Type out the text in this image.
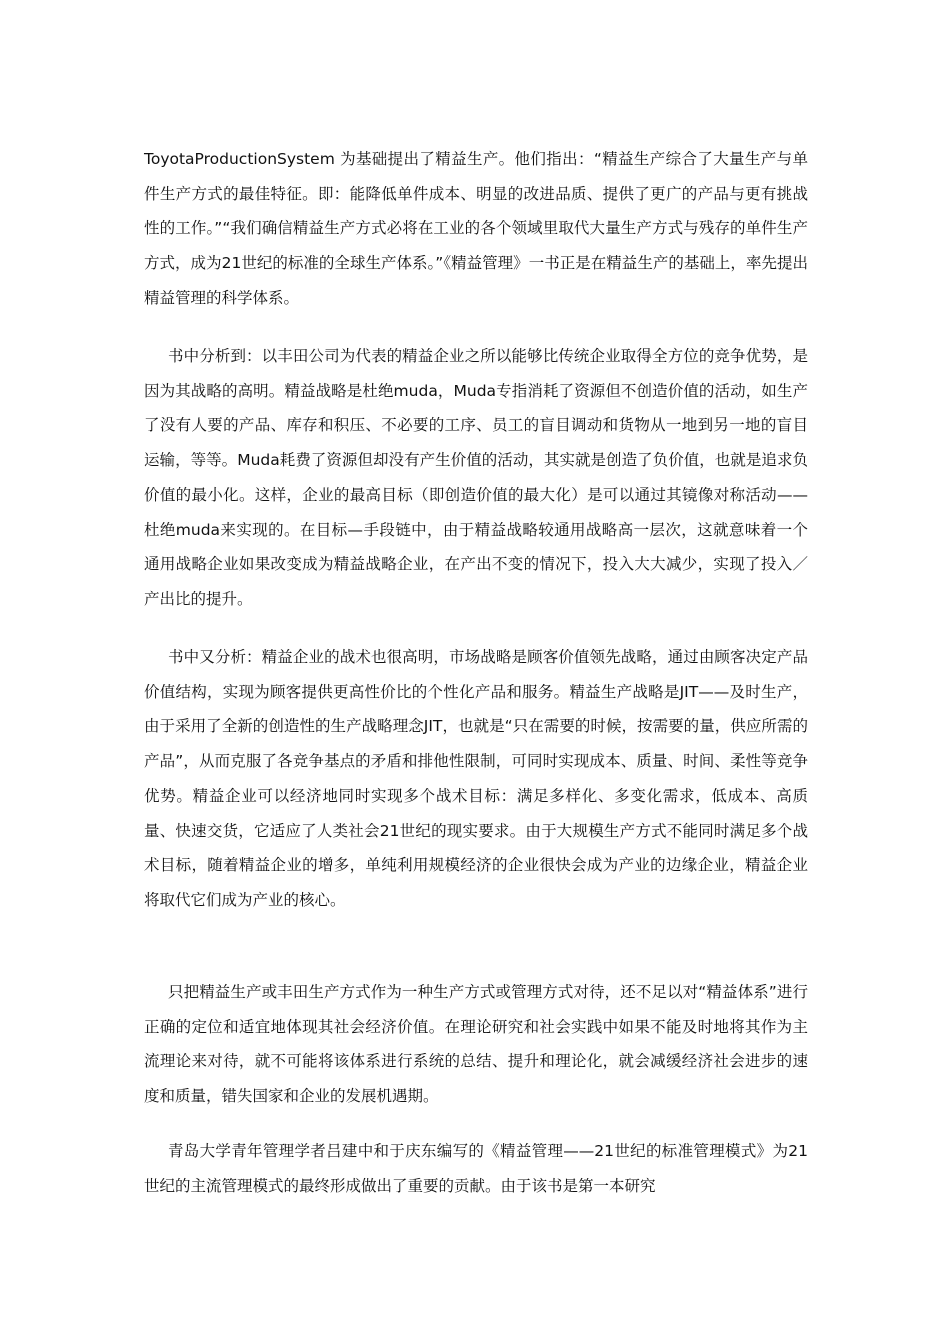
ToyotaProductionSystem 为基础提出了精益生产。他们指出：“精益生产综合了大量生产与单件生产方式的最佳特征。即：能降低单件成本、明显的改进品质、提供了更广的产品与更有挑战性的工作。”“我们确信精益生产方式必将在工业的各个领域里取代大量生产方式与残存的单件生产方式，成为21世纪的标准的全球生产体系。”《精益管理》一书正是在精益生产的基础上，率先提出精益管理的科学体系。

书中分析到：以丰田公司为代表的精益企业之所以能够比传统企业取得全方位的竞争优势，是因为其战略的高明。精益战略是杜绝muda，Muda专指消耗了资源但不创造价值的活动，如生产了没有人要的产品、库存和积压、不必要的工序、员工的盲目调动和货物从一地到另一地的盲目运输，等等。Muda耗费了资源但却没有产生价值的活动，其实就是创造了负价值，也就是追求负价值的最小化。这样，企业的最高目标（即创造价值的最大化）是可以通过其镜像对称活动——杜绝muda来实现的。在目标—手段链中，由于精益战略较通用战略高一层次，这就意味着一个通用战略企业如果改变成为精益战略企业，在产出不变的情况下，投入大大减少，实现了投入／产出比的提升。

书中又分析：精益企业的战术也很高明，市场战略是顾客价值领先战略，通过由顾客决定产品价值结构，实现为顾客提供更高性价比的个性化产品和服务。精益生产战略是JIT——及时生产，由于采用了全新的创造性的生产战略理念JIT，也就是“只在需要的时候，按需要的量，供应所需的产品”，从而克服了各竞争基点的矛盾和排他性限制，可同时实现成本、质量、时间、柔性等竞争优势。精益企业可以经济地同时实现多个战术目标：满足多样化、多变化需求，低成本、高质量、快速交货，它适应了人类社会21世纪的现实要求。由于大规模生产方式不能同时满足多个战术目标，随着精益企业的增多，单纯利用规模经济的企业很快会成为产业的边缘企业，精益企业将取代它们成为产业的核心。

只把精益生产或丰田生产方式作为一种生产方式或管理方式对待，还不足以对“精益体系”进行正确的定位和适宜地体现其社会经济价值。在理论研究和社会实践中如果不能及时地将其作为主流理论来对待，就不可能将该体系进行系统的总结、提升和理论化，就会减缓经济社会进步的速度和质量，错失国家和企业的发展机遇期。

青岛大学青年管理学者吕建中和于庆东编写的《精益管理——21世纪的标准管理模式》为21世纪的主流管理模式的最终形成做出了重要的贡献。由于该书是第一本研究
